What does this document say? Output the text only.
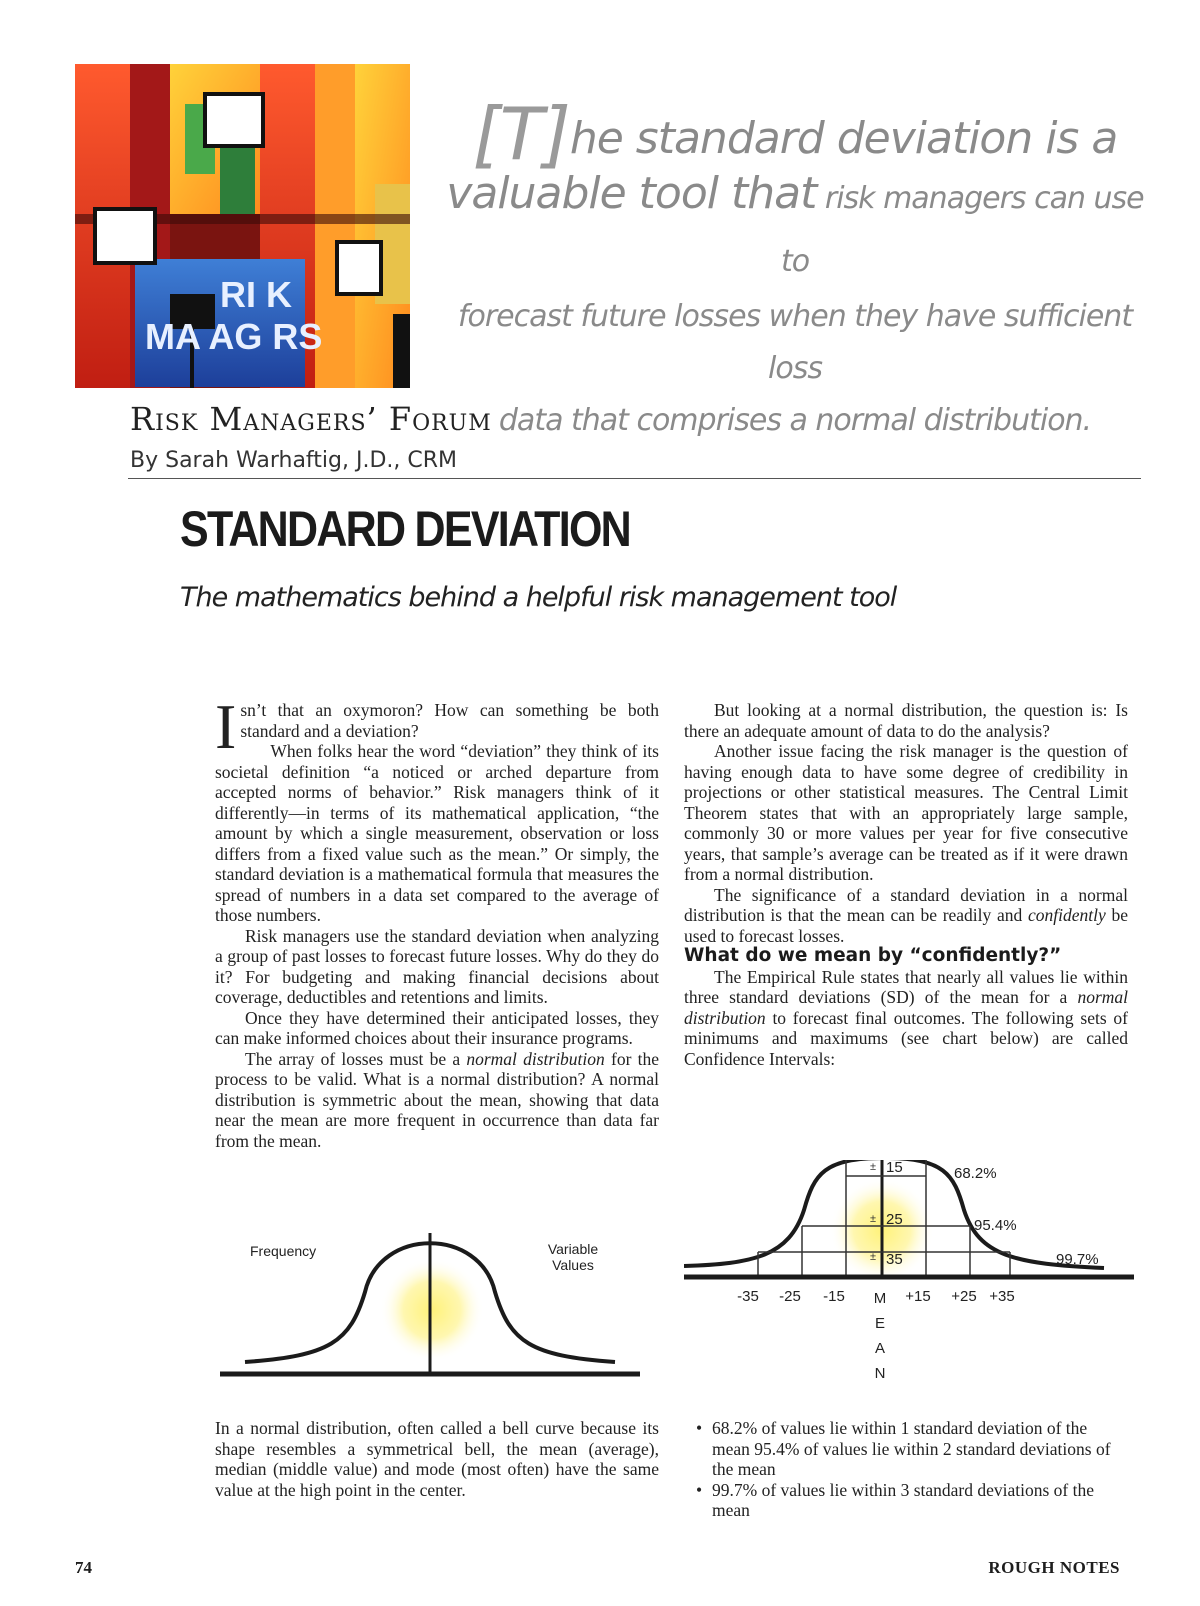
RI K
MA AG RS
[T]he standard deviation is a
valuable tool that risk managers can use to
forecast future losses when they have sufficient loss
data that comprises a normal distribution.
Risk Managers’ Forum
By Sarah Warhaftig, J.D., CRM
STANDARD DEVIATION
The mathematics behind a helpful risk management tool

Isn’t that an oxymoron? How can something be both standard and a deviation?

When folks hear the word “deviation” they think of its societal definition “a noticed or arched departure from accepted norms of behavior.” Risk managers think of it differently—in terms of its mathematical application, “the amount by which a single measurement, observation or loss differs from a fixed value such as the mean.” Or simply, the standard deviation is a mathematical formula that measures the spread of numbers in a data set compared to the average of those numbers.

Risk managers use the standard deviation when analyzing a group of past losses to forecast future losses. Why do they do it? For budgeting and making financial decisions about coverage, deductibles and retentions and limits.

Once they have determined their anticipated losses, they can make informed choices about their insurance programs.

The array of losses must be a normal distribution for the process to be valid. What is a normal distribution? A normal distribution is symmetric about the mean, showing that data near the mean are more frequent in occurrence than data far from the mean.

Frequency	Variable
Values

In a normal distribution, often called a bell curve because its shape resembles a symmetrical bell, the mean (average), median (middle value) and mode (most often) have the same value at the high point in the center.

But looking at a normal distribution, the question is: Is there an adequate amount of data to do the analysis?

Another issue facing the risk manager is the question of having enough data to have some degree of credibility in projections or other statistical measures. The Central Limit Theorem states that with an appropriately large sample, commonly 30 or more values per year for five consecutive years, that sample’s average can be treated as if it were drawn from a normal distribution.

The significance of a standard deviation in a normal distribution is that the mean can be readily and confidently be used to forecast losses.

What do we mean by “confidently?”

The Empirical Rule states that nearly all values lie within three standard deviations (SD) of the mean for a normal distribution to forecast final outcomes. The following sets of minimums and maximums (see chart below) are called Confidence Intervals:

± 15
± 25
± 35
68.2%
95.4%
99.7%
-35 -25 -15	+15 +25 +35
M
E
A
N
• 68.2% of values lie within 1 standard deviation of the mean 95.4% of values lie within 2 standard deviations of the mean
• 99.7% of values lie within 3 standard deviations of the mean
74	ROUGH NOTES
